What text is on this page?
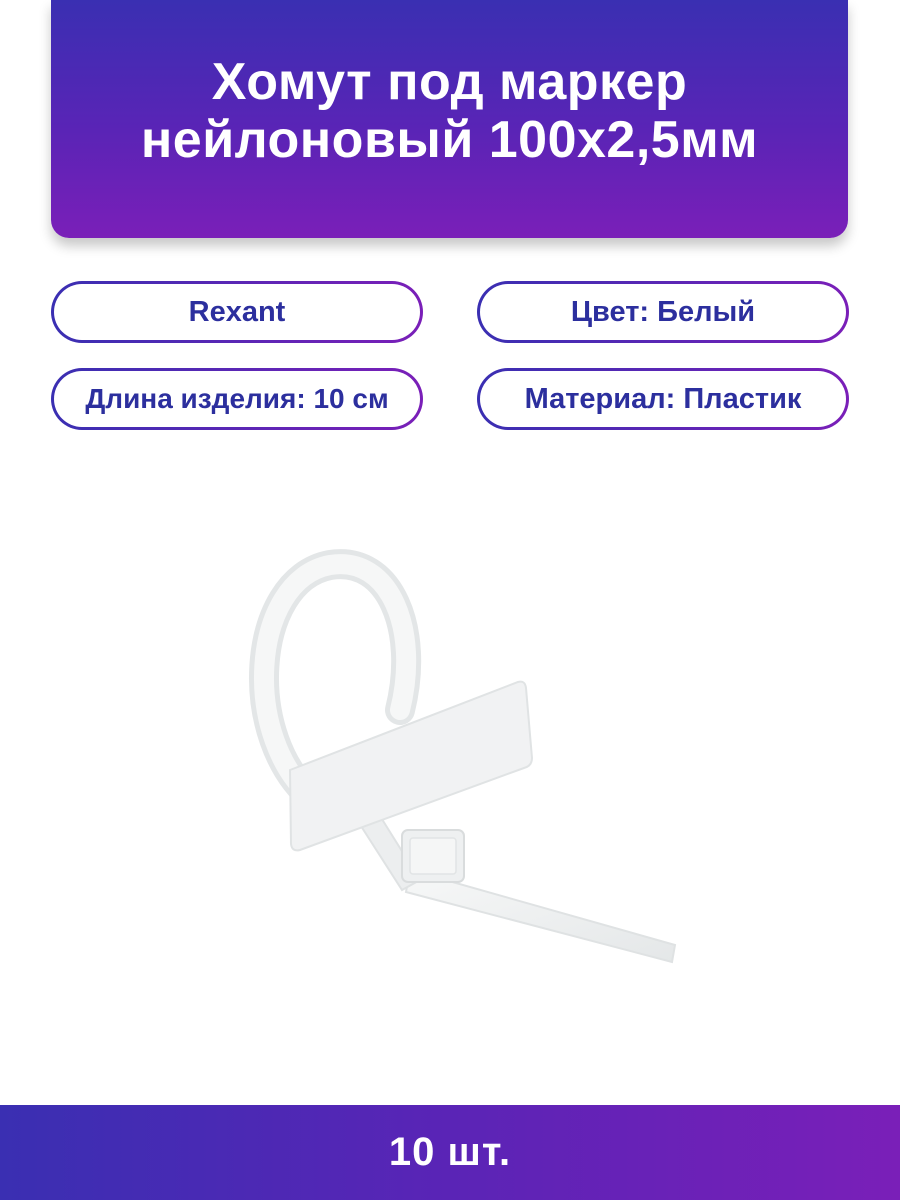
Хомут под маркер
нейлоновый 100х2,5мм
Rexant	Цвет: Белый
Длина изделия: 10 см	Материал: Пластик
10 шт.
